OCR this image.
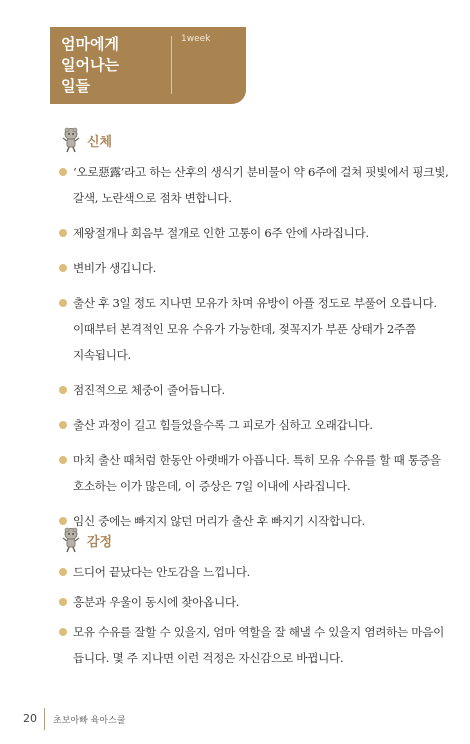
엄마에게
일어나는
일들
1week
신체
‘오로惡露’라고 하는 산후의 생식기 분비물이 약 6주에 걸쳐 핏빛에서 핑크빛, 갈색, 노란색으로 점차 변합니다.
제왕절개나 회음부 절개로 인한 고통이 6주 안에 사라집니다.
변비가 생깁니다.
출산 후 3일 정도 지나면 모유가 차며 유방이 아플 정도로 부풀어 오릅니다. 이때부터 본격적인 모유 수유가 가능한데, 젖꼭지가 부푼 상태가 2주쯤 지속됩니다.
점진적으로 체중이 줄어듭니다.
출산 과정이 길고 힘들었을수록 그 피로가 심하고 오래갑니다.
마치 출산 때처럼 한동안 아랫배가 아픕니다. 특히 모유 수유를 할 때 통증을 호소하는 이가 많은데, 이 증상은 7일 이내에 사라집니다.
임신 중에는 빠지지 않던 머리가 출산 후 빠지기 시작합니다.
감정
드디어 끝났다는 안도감을 느낍니다.
흥분과 우울이 동시에 찾아옵니다.
모유 수유를 잘할 수 있을지, 엄마 역할을 잘 해낼 수 있을지 염려하는 마음이 듭니다. 몇 주 지나면 이런 걱정은 자신감으로 바뀝니다.
20 초보아빠 육아스쿨
